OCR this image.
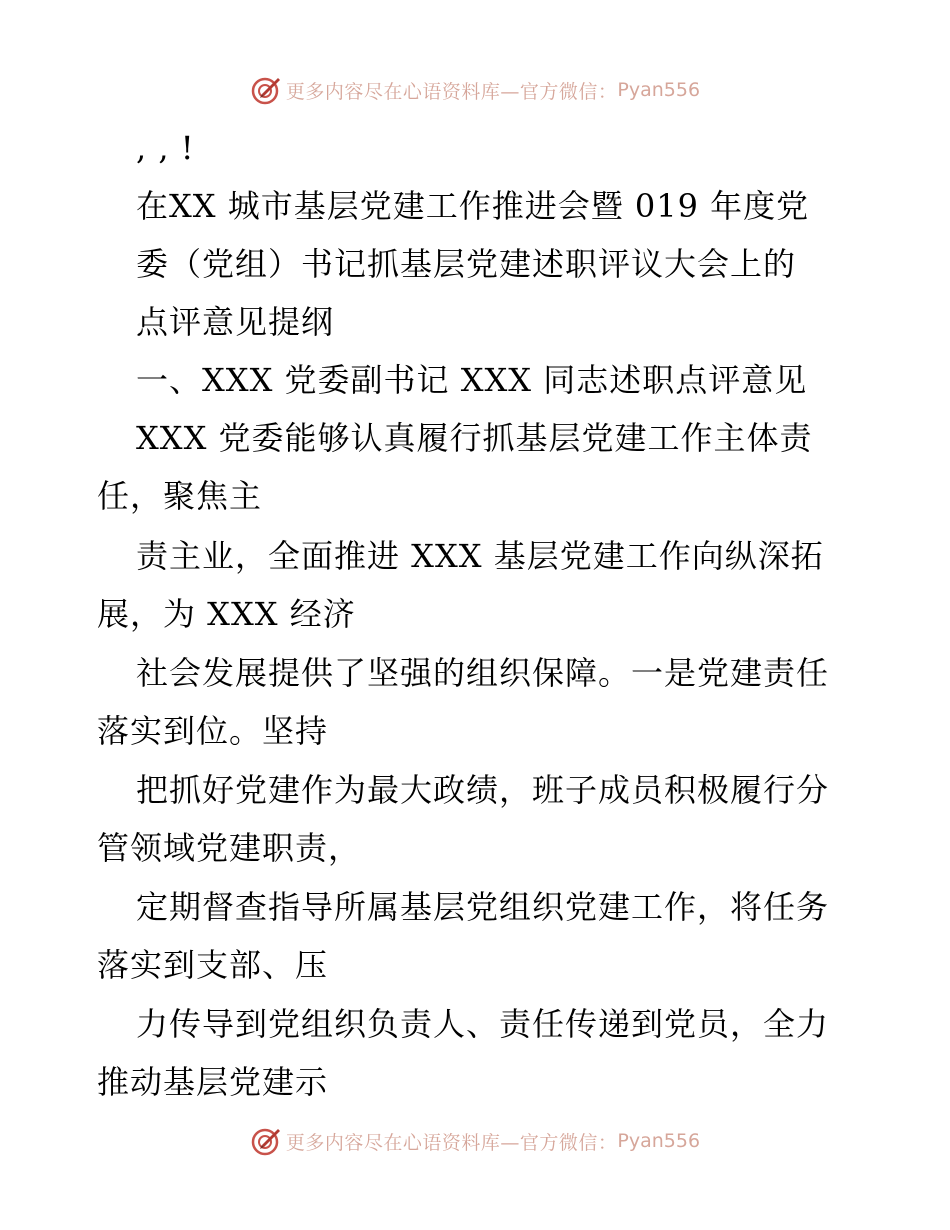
更多内容尽在心语资料库—官方微信： Pyan556
, , !
在XX 城市基层党建工作推进会暨 019 年度党
委（党组）书记抓基层党建述职评议大会上的
点评意见提纲
一、XXX 党委副书记 XXX 同志述职点评意见
XXX 党委能够认真履行抓基层党建工作主体责
任，聚焦主
责主业，全面推进 XXX 基层党建工作向纵深拓
展，为 XXX 经济
社会发展提供了坚强的组织保障。一是党建责任
落实到位。坚持
把抓好党建作为最大政绩，班子成员积极履行分
管领域党建职责，
定期督查指导所属基层党组织党建工作，将任务
落实到支部、压
力传导到党组织负责人、责任传递到党员，全力
推动基层党建示
更多内容尽在心语资料库—官方微信： Pyan556
